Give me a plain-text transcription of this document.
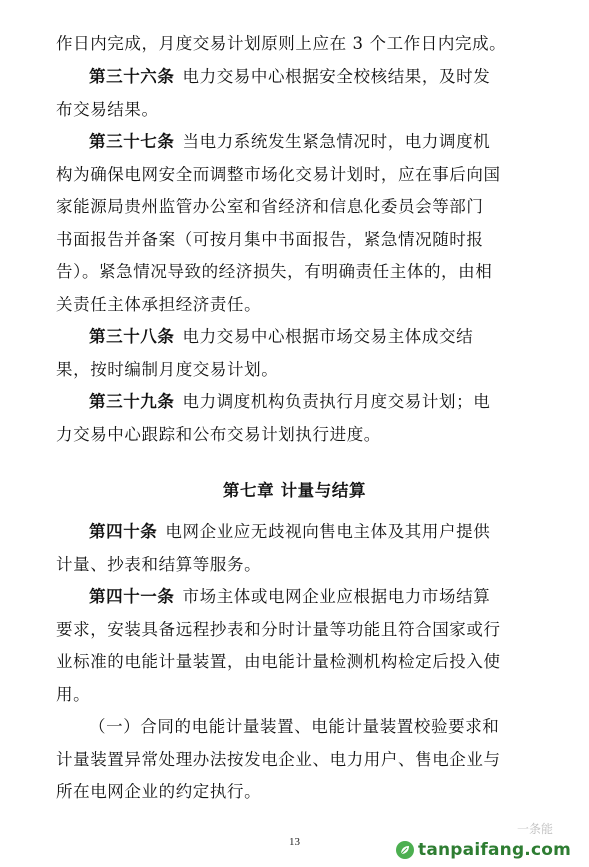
作日内完成，月度交易计划原则上应在 3 个工作日内完成。
第三十六条 电力交易中心根据安全校核结果，及时发
布交易结果。
第三十七条 当电力系统发生紧急情况时，电力调度机
构为确保电网安全而调整市场化交易计划时，应在事后向国
家能源局贵州监管办公室和省经济和信息化委员会等部门
书面报告并备案（可按月集中书面报告，紧急情况随时报
告）。紧急情况导致的经济损失，有明确责任主体的，由相
关责任主体承担经济责任。
第三十八条 电力交易中心根据市场交易主体成交结
果，按时编制月度交易计划。
第三十九条 电力调度机构负责执行月度交易计划；电
力交易中心跟踪和公布交易计划执行进度。
第七章 计量与结算
第四十条 电网企业应无歧视向售电主体及其用户提供
计量、抄表和结算等服务。
第四十一条 市场主体或电网企业应根据电力市场结算
要求，安装具备远程抄表和分时计量等功能且符合国家或行
业标准的电能计量装置，由电能计量检测机构检定后投入使
用。
（一）合同的电能计量装置、电能计量装置校验要求和
计量装置异常处理办法按发电企业、电力用户、售电企业与
所在电网企业的约定执行。
13
一条能
tanpaifang.com
